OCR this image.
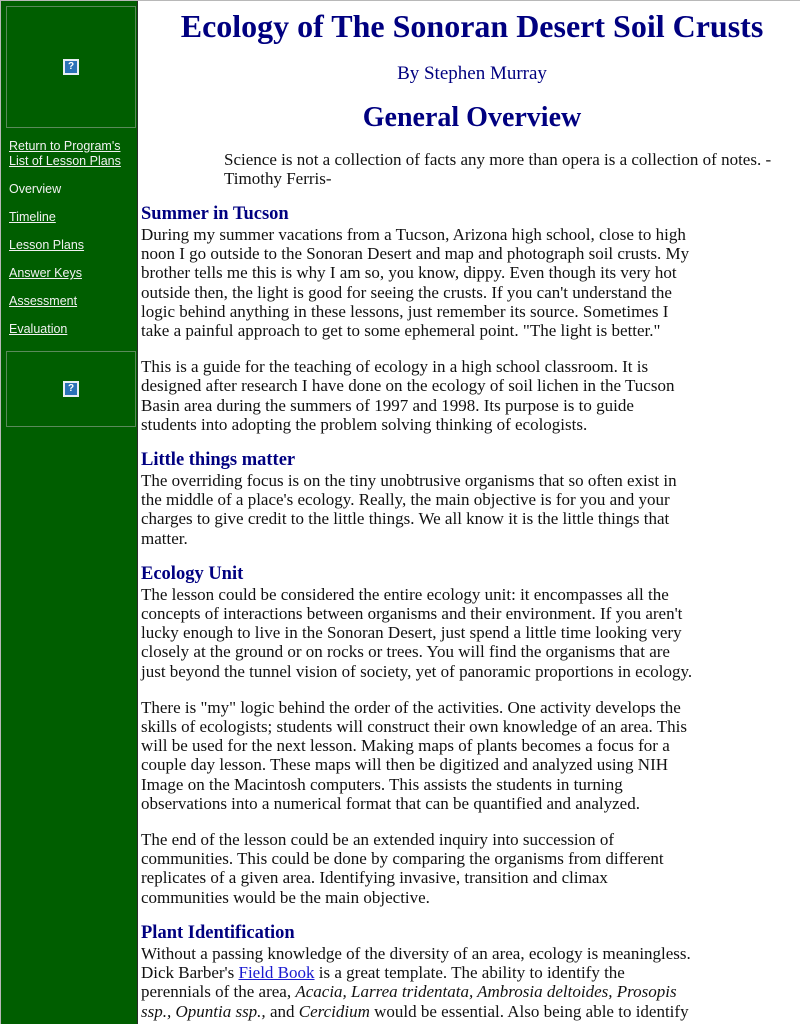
?
Return to Program's List of Lesson Plans
Overview
Timeline
Lesson Plans
Answer Keys
Assessment
Evaluation
?
Ecology of The Sonoran Desert Soil Crusts
By Stephen Murray
General Overview
Science is not a collection of facts any more than opera is a collection of notes. -Timothy Ferris-
Summer in Tucson

During my summer vacations from a Tucson, Arizona high school, close to high
noon I go outside to the Sonoran Desert and map and photograph soil crusts. My
brother tells me this is why I am so, you know, dippy. Even though its very hot
outside then, the light is good for seeing the crusts. If you can't understand the
logic behind anything in these lessons, just remember its source. Sometimes I
take a painful approach to get to some ephemeral point. "The light is better."

This is a guide for the teaching of ecology in a high school classroom. It is
designed after research I have done on the ecology of soil lichen in the Tucson
Basin area during the summers of 1997 and 1998. Its purpose is to guide
students into adopting the problem solving thinking of ecologists.

Little things matter

The overriding focus is on the tiny unobtrusive organisms that so often exist in
the middle of a place's ecology. Really, the main objective is for you and your
charges to give credit to the little things. We all know it is the little things that
matter.

Ecology Unit

The lesson could be considered the entire ecology unit: it encompasses all the
concepts of interactions between organisms and their environment. If you aren't
lucky enough to live in the Sonoran Desert, just spend a little time looking very
closely at the ground or on rocks or trees. You will find the organisms that are
just beyond the tunnel vision of society, yet of panoramic proportions in ecology.

There is "my" logic behind the order of the activities. One activity develops the
skills of ecologists; students will construct their own knowledge of an area. This
will be used for the next lesson. Making maps of plants becomes a focus for a
couple day lesson. These maps will then be digitized and analyzed using NIH
Image on the Macintosh computers. This assists the students in turning
observations into a numerical format that can be quantified and analyzed.

The end of the lesson could be an extended inquiry into succession of
communities. This could be done by comparing the organisms from different
replicates of a given area. Identifying invasive, transition and climax
communities would be the main objective.

Plant Identification

Without a passing knowledge of the diversity of an area, ecology is meaningless.
Dick Barber's Field Book is a great template. The ability to identify the
perennials of the area, Acacia, Larrea tridentata, Ambrosia deltoides, Prosopis
ssp., Opuntia ssp., and Cercidium would be essential. Also being able to identify
